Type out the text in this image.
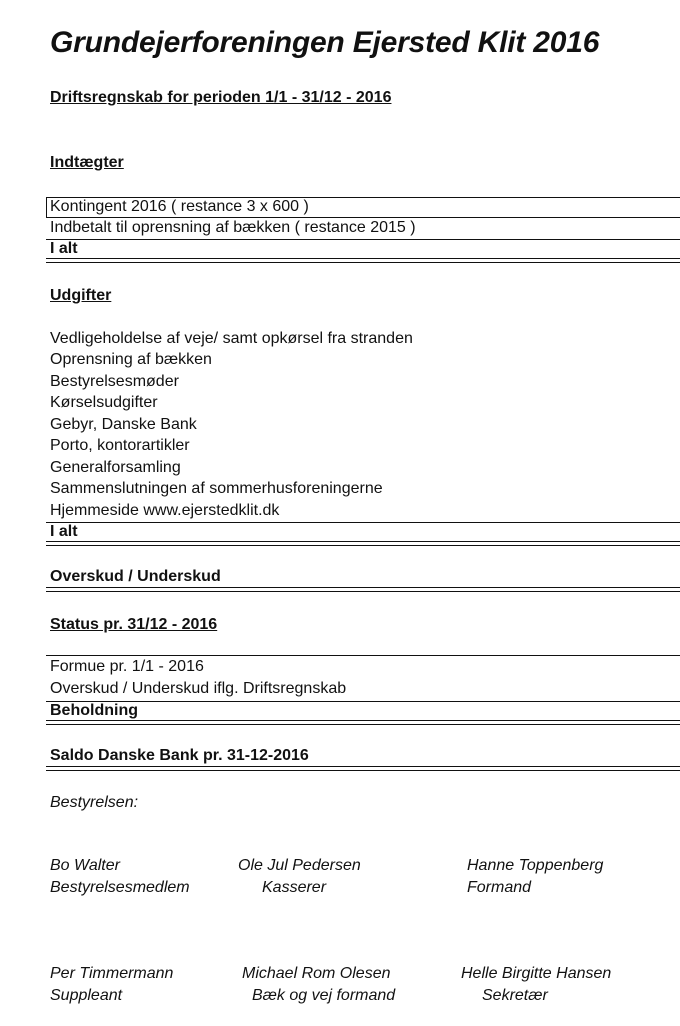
Grundejerforeningen Ejersted Klit 2016
Driftsregnskab for perioden 1/1 - 31/12 - 2016
Indtægter
Kontingent 2016 ( restance 3 x 600 )
Indbetalt til oprensning af bækken ( restance 2015 )
I alt
Udgifter
Vedligeholdelse af veje/ samt opkørsel fra stranden
Oprensning af bækken
Bestyrelsesmøder
Kørselsudgifter
Gebyr, Danske Bank
Porto, kontorartikler
Generalforsamling
Sammenslutningen af sommerhusforeningerne
Hjemmeside www.ejerstedklit.dk
I alt
Overskud / Underskud
Status pr. 31/12 - 2016
Formue pr. 1/1 - 2016
Overskud / Underskud iflg. Driftsregnskab
Beholdning
Saldo Danske Bank pr. 31-12-2016
Bestyrelsen:
Bo Walter
Bestyrelsesmedlem
Ole Jul Pedersen
Kasserer
Hanne Toppenberg
Formand
Per Timmermann
Suppleant
Michael Rom Olesen
Bæk og vej formand
Helle Birgitte Hansen
Sekretær
